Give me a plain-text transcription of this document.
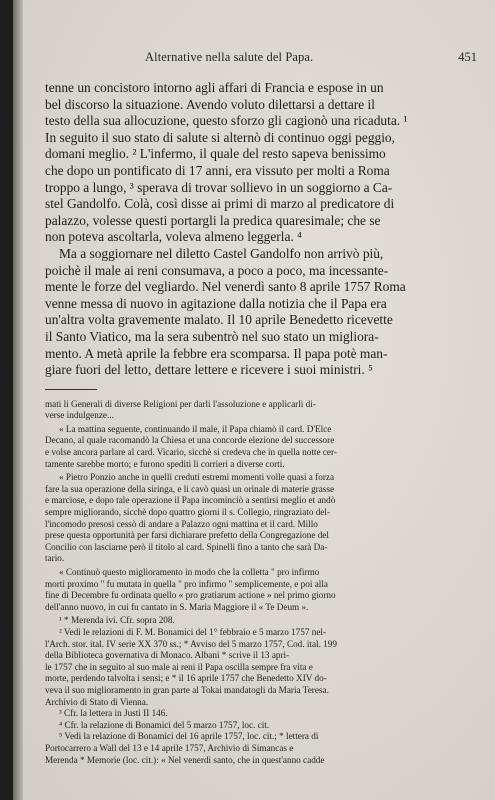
Alternative nella salute del Papa.	451
tenne un concistoro intorno agli affari di Francia e espose in un
bel discorso la situazione. Avendo voluto dilettarsi a dettare il
testo della sua allocuzione, questo sforzo gli cagionò una ricaduta. ¹
In seguito il suo stato di salute si alternò di continuo oggi peggio,
domani meglio. ² L'infermo, il quale del resto sapeva benissimo
che dopo un pontificato di 17 anni, era vissuto per molti a Roma
troppo a lungo, ³ sperava di trovar sollievo in un soggiorno a Ca-
stel Gandolfo. Colà, così disse ai primi di marzo al predicatore di
palazzo, volesse questi portargli la predica quaresimale; che se
non poteva ascoltarla, voleva almeno leggerla. ⁴
Ma a soggiornare nel diletto Castel Gandolfo non arrivò più,
poichè il male ai reni consumava, a poco a poco, ma incessante-
mente le forze del vegliardo. Nel venerdì santo 8 aprile 1757 Roma
venne messa di nuovo in agitazione dalla notizia che il Papa era
un'altra volta gravemente malato. Il 10 aprile Benedetto ricevette
il Santo Viatico, ma la sera subentrò nel suo stato un migliora-
mento. A metà aprile la febbre era scomparsa. Il papa potè man-
giare fuori del letto, dettare lettere e ricevere i suoi ministri. ⁵
mati li Generali di diverse Religioni per darli l'assoluzione e applicarli di-
verse indulgenze...
« La mattina seguente, continuando il male, il Papa chiamò il card. D'Elce
Decano, al quale racomandò la Chiesa et una concorde elezione del successore
e volse ancora parlare al card. Vicario, sicchè si credeva che in quella notte cer-
tamente sarebbe morto; e furono spediti li corrieri a diverse corti.
« Pietro Ponzio anche in quelli creduti estremi momenti volle quasi a forza
fare la sua operazione della siringa, e li cavò quasi un orinale di materie grasse
e marciose, e dopo tale operazione il Papa incominciò a sentirsi meglio et andò
sempre migliorando, sicchè dopo quattro giorni il s. Collegio, ringraziato del-
l'incomodo presosi cessò di andare a Palazzo ogni mattina et il card. Millo
prese questa opportunità per farsi dichiarare prefetto della Congregazione del
Concilio con lasciarne però il titolo al card. Spinelli fino a tanto che sarà Da-
tario.
« Continuò questo miglioramento in modo che la colletta " pro infirmo
morti proximo " fu mutata in quella " pro infirmo " semplicemente, e poi alla
fine di Decembre fu ordinata quello « pro gratiarum actione » nel primo giorno
dell'anno nuovo, in cui fu cantato in S. Maria Maggiore il « Te Deum ».
¹ * Merenda ivi. Cfr. sopra 208.
² Vedi le relazioni di F. M. Bonamici del 1° febbraio e 5 marzo 1757 nel-
l'Arch. stor. ital. IV serie XX 370 ss.; * Avviso del 5 marzo 1757, Cod. ital. 199
della Biblioteca governativa di Monaco. Albani * scrive il 13 apri-
le 1757 che in seguito al suo male ai reni il Papa oscilla sempre fra vita e
morte, perdendo talvolta i sensi; e * il 16 aprile 1757 che Benedetto XIV do-
veva il suo miglioramento in gran parte al Tokai mandatogli da Maria Teresa.
Archivio di Stato di Vienna.
³ Cfr. la lettera in Justi II 146.
⁴ Cfr. la relazione di Bonamici del 5 marzo 1757, loc. cit.
⁵ Vedi la relazione di Bonamici del 16 aprile 1757, loc. cit.; * lettera di
Portocarrero a Wall del 13 e 14 aprile 1757, Archivio di Simancas e
Merenda * Memorie (loc. cit.): « Nel venerdì santo, che in quest'anno cadde
